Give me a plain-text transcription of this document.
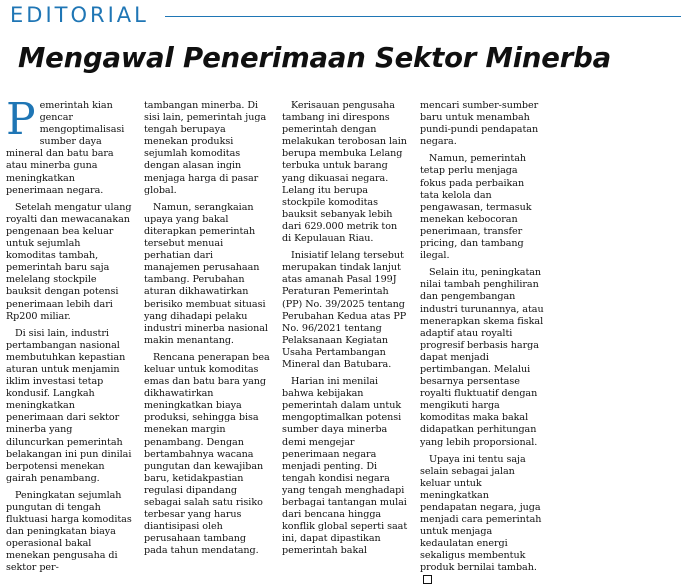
EDITORIAL
Mengawal Penerimaan Sektor Minerba

Pemerintah kian gencar mengoptimalisasi sumber daya mineral dan batu bara atau minerba guna meningkatkan penerimaan negara.

Setelah mengatur ulang royalti dan mewacanakan pengenaan bea keluar untuk sejumlah komoditas tambah, pemerintah baru saja melelang stockpile bauksit dengan potensi penerimaan lebih dari Rp200 miliar.

Di sisi lain, industri pertambangan nasional membutuhkan kepastian aturan untuk menjamin iklim investasi tetap kondusif. Langkah meningkatkan penerimaan dari sektor minerba yang diluncurkan pemerintah belakangan ini pun dinilai berpotensi menekan gairah penambang.

Peningkatan sejumlah pungutan di tengah fluktuasi harga komoditas dan peningkatan biaya operasional bakal menekan pengusaha di sektor per-

tambangan minerba. Di sisi lain, pemerintah juga tengah berupaya menekan produksi sejumlah komoditas dengan alasan ingin menjaga harga di pasar global.

Namun, serangkaian upaya yang bakal diterapkan pemerintah tersebut menuai perhatian dari manajemen perusahaan tambang. Perubahan aturan dikhawatirkan berisiko membuat situasi yang dihadapi pelaku industri minerba nasional makin menantang.

Rencana penerapan bea keluar untuk komoditas emas dan batu bara yang dikhawatirkan meningkatkan biaya produksi, sehingga bisa menekan margin penambang. Dengan bertambahnya wacana pungutan dan kewajiban baru, ketidakpastian regulasi dipandang sebagai salah satu risiko terbesar yang harus diantisipasi oleh perusahaan tambang pada tahun mendatang.

Kerisauan pengusaha tambang ini direspons pemerintah dengan melakukan terobosan lain berupa membuka Lelang terbuka untuk barang yang dikuasai negara. Lelang itu berupa stockpile komoditas bauksit sebanyak lebih dari 629.000 metrik ton di Kepulauan Riau.

Inisiatif lelang tersebut merupakan tindak lanjut atas amanah Pasal 199J Peraturan Pemerintah (PP) No. 39/2025 tentang Perubahan Kedua atas PP No. 96/2021 tentang Pelaksanaan Kegiatan Usaha Pertambangan Mineral dan Batubara.

Harian ini menilai bahwa kebijakan pemerintah dalam untuk mengoptimalkan potensi sumber daya minerba demi mengejar penerimaan negara menjadi penting. Di tengah kondisi negara yang tengah menghadapi berbagai tantangan mulai dari bencana hingga konflik global seperti saat ini, dapat dipastikan pemerintah bakal

mencari sumber-sumber baru untuk menambah pundi-pundi pendapatan negara.

Namun, pemerintah tetap perlu menjaga fokus pada perbaikan tata kelola dan pengawasan, termasuk menekan kebocoran penerimaan, transfer pricing, dan tambang ilegal.

Selain itu, peningkatan nilai tambah penghiliran dan pengembangan industri turunannya, atau menerapkan skema fiskal adaptif atau royalti progresif berbasis harga dapat menjadi pertimbangan. Melalui besarnya persentase royalti fluktuatif dengan mengikuti harga komoditas maka bakal didapatkan perhitungan yang lebih proporsional.

Upaya ini tentu saja selain sebagai jalan keluar untuk meningkatkan pendapatan negara, juga menjadi cara pemerintah untuk menjaga kedaulatan energi sekaligus membentuk produk bernilai tambah.
